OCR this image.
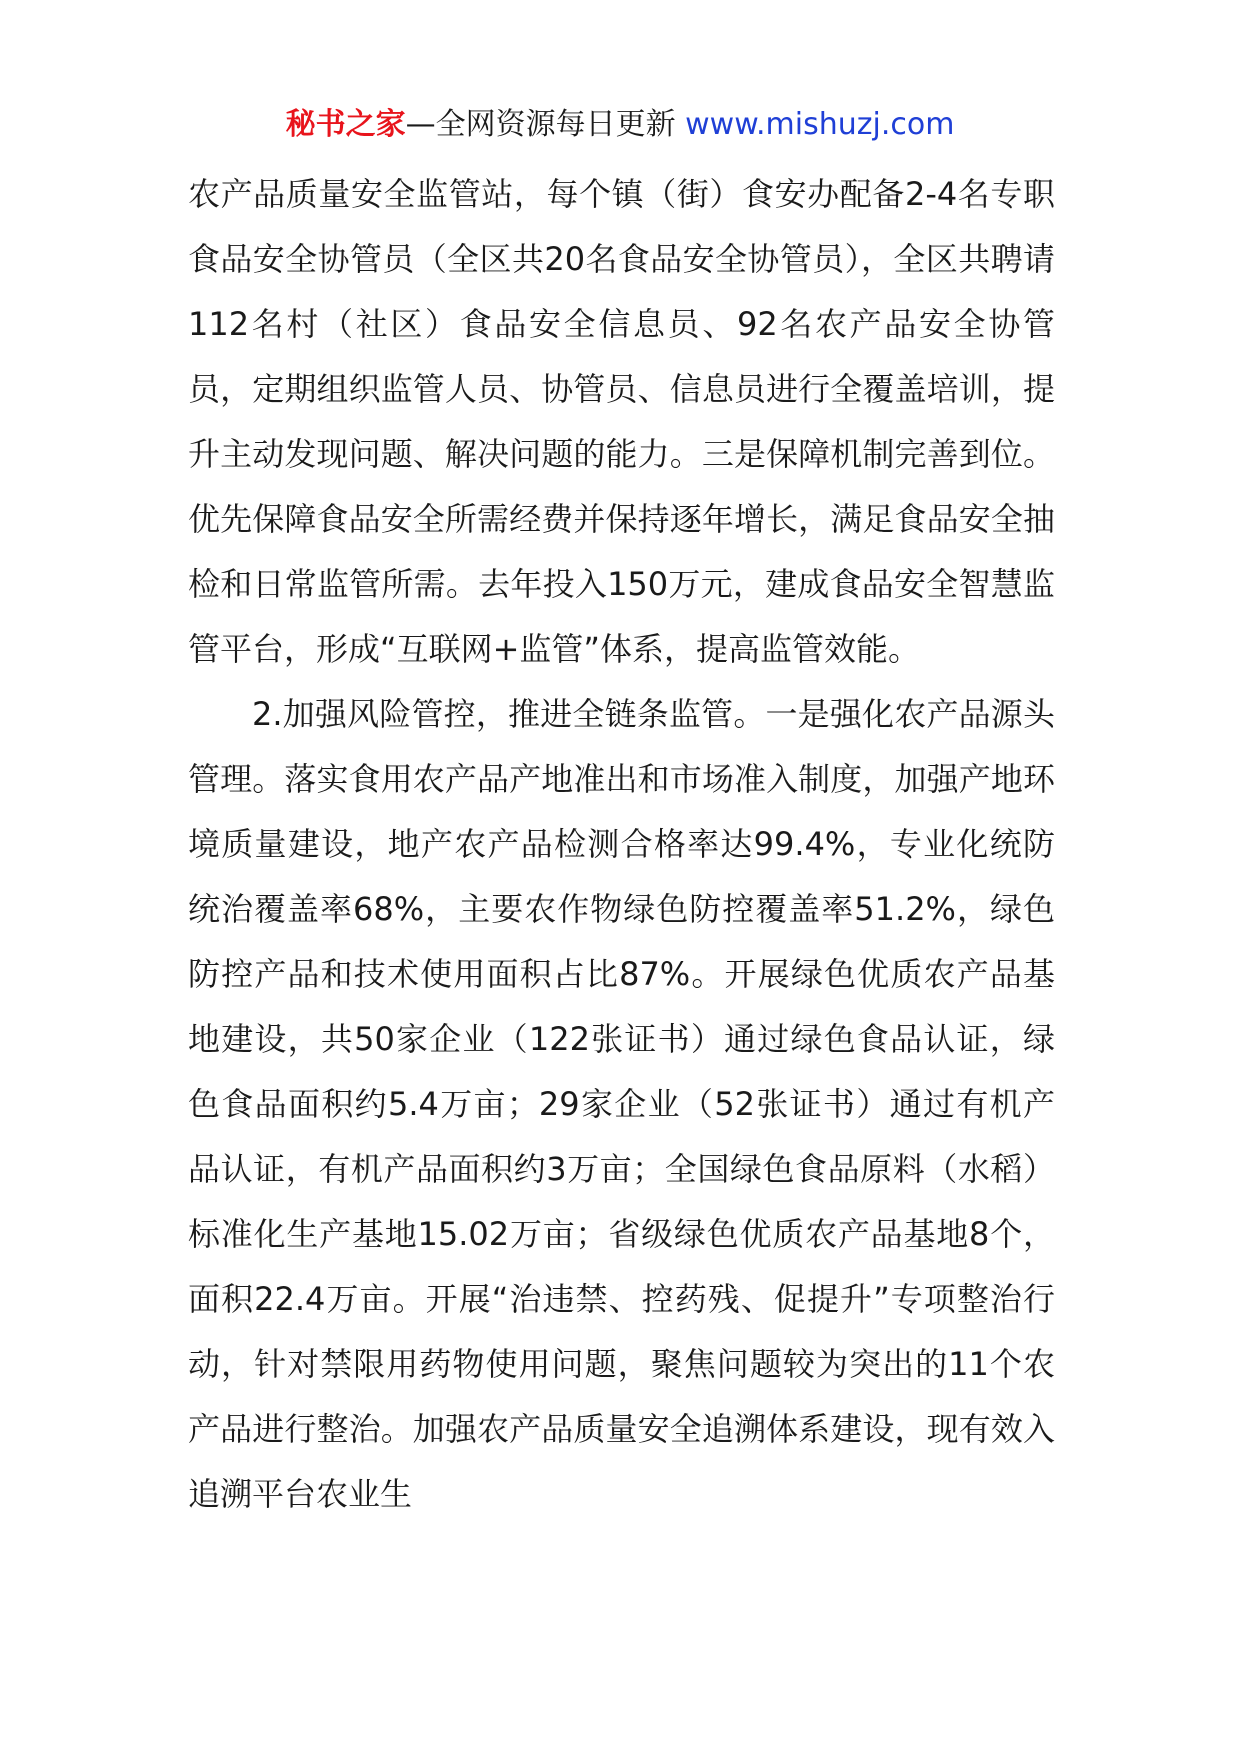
秘书之家—全网资源每日更新 www.mishuzj.com

农产品质量安全监管站，每个镇（街）食安办配备2-4名专职食品安全协管员（全区共20名食品安全协管员），全区共聘请112名村（社区）食品安全信息员、92名农产品安全协管员，定期组织监管人员、协管员、信息员进行全覆盖培训，提升主动发现问题、解决问题的能力。三是保障机制完善到位。优先保障食品安全所需经费并保持逐年增长，满足食品安全抽检和日常监管所需。去年投入150万元，建成食品安全智慧监管平台，形成“互联网+监管”体系，提高监管效能。

2.加强风险管控，推进全链条监管。一是强化农产品源头管理。落实食用农产品产地准出和市场准入制度，加强产地环境质量建设，地产农产品检测合格率达99.4%，专业化统防统治覆盖率68%，主要农作物绿色防控覆盖率51.2%，绿色防控产品和技术使用面积占比87%。开展绿色优质农产品基地建设，共50家企业（122张证书）通过绿色食品认证，绿色食品面积约5.4万亩；29家企业（52张证书）通过有机产品认证，有机产品面积约3万亩；全国绿色食品原料（水稻）标准化生产基地15.02万亩；省级绿色优质农产品基地8个，面积22.4万亩。开展“治违禁、控药残、促提升”专项整治行动，针对禁限用药物使用问题，聚焦问题较为突出的11个农产品进行整治。加强农产品质量安全追溯体系建设，现有效入追溯平台农业生
